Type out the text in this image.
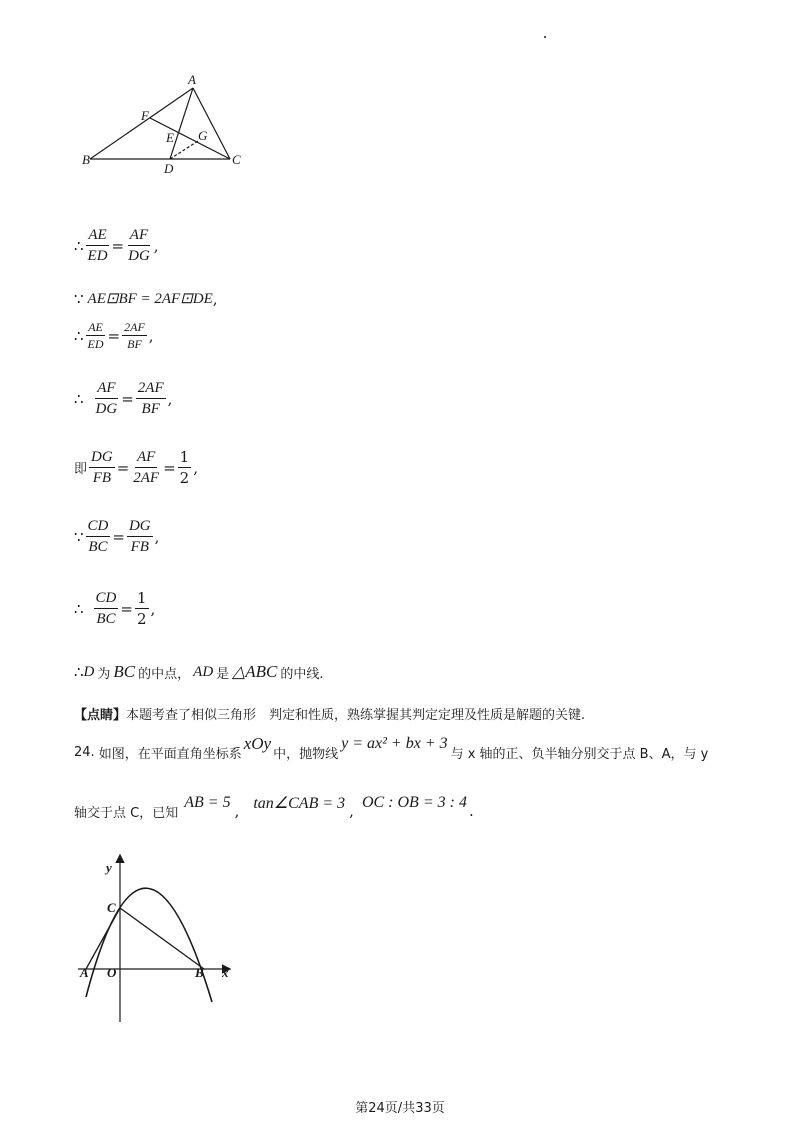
A
B	C
D
E
F
G
∴ $\frac{AE}{ED} = \frac{AF}{DG}$ ,
∵ AE⊡BF = 2AF⊡DE ,
∴ $\frac{AE}{ED} = \frac{2AF}{BF}$ ,
∴ $\frac{AF}{DG} = \frac{2AF}{BF}$ ,
即 $\frac{DG}{FB} = \frac{AF}{2AF} = \frac{1}{2}$ ,
∵ $\frac{CD}{BC} = \frac{DG}{FB}$ ,
∴ $\frac{CD}{BC} = \frac{1}{2}$ ,
∴ D 为 BC 的中点， AD 是 △ABC 的中线.
【点睛】 本题考查了相似三角形　判定和性质，熟练掌握其判定定理及性质是解题的关键.
24. 如图，在平面直角坐标系
xOy
中，抛物线
y = ax² + bx + 3
与 x 轴的正、负半轴分别交于点 B、A，与 y
轴交于点 C，已知
AB = 5 , tan∠CAB = 3 , OC : OB = 3 : 4 .
y
x
O
A	B
C
第24页/共33页
